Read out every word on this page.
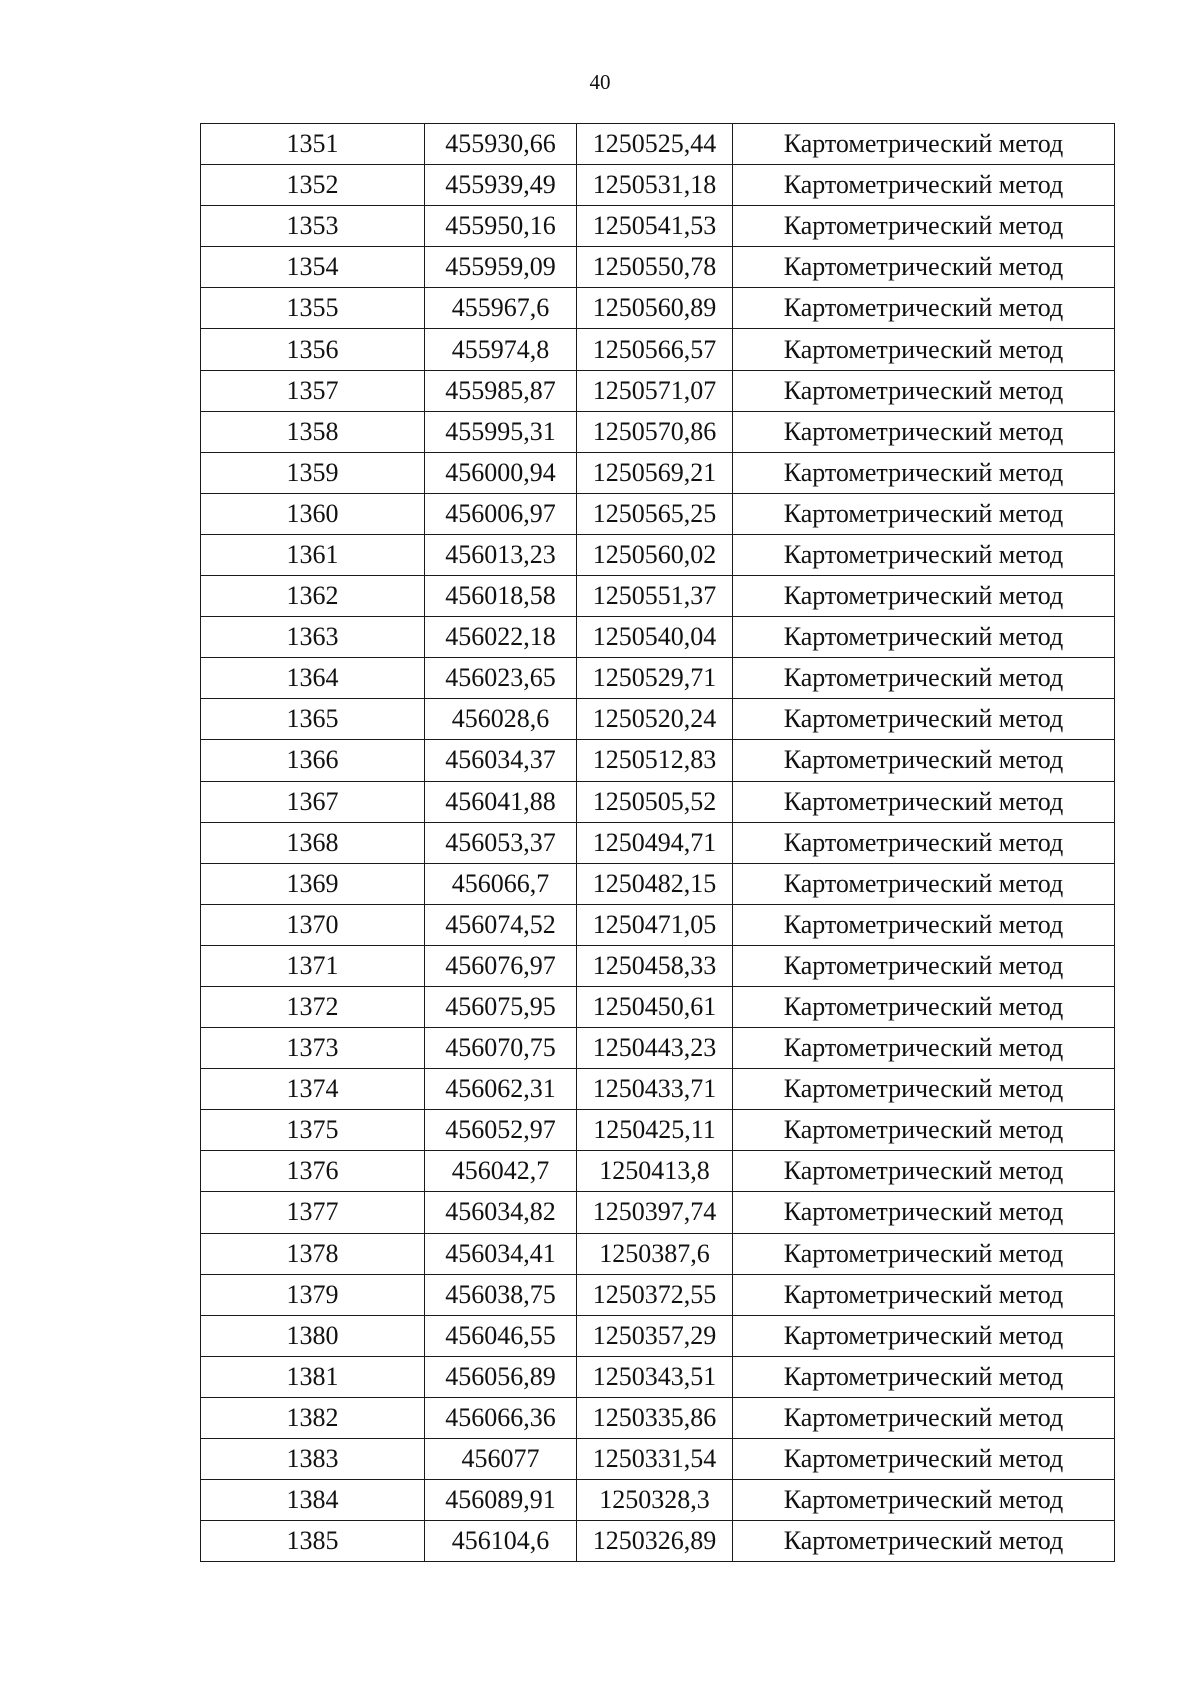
40
1351	455930,66	1250525,44	Картометрический метод
1352	455939,49	1250531,18	Картометрический метод
1353	455950,16	1250541,53	Картометрический метод
1354	455959,09	1250550,78	Картометрический метод
1355	455967,6	1250560,89	Картометрический метод
1356	455974,8	1250566,57	Картометрический метод
1357	455985,87	1250571,07	Картометрический метод
1358	455995,31	1250570,86	Картометрический метод
1359	456000,94	1250569,21	Картометрический метод
1360	456006,97	1250565,25	Картометрический метод
1361	456013,23	1250560,02	Картометрический метод
1362	456018,58	1250551,37	Картометрический метод
1363	456022,18	1250540,04	Картометрический метод
1364	456023,65	1250529,71	Картометрический метод
1365	456028,6	1250520,24	Картометрический метод
1366	456034,37	1250512,83	Картометрический метод
1367	456041,88	1250505,52	Картометрический метод
1368	456053,37	1250494,71	Картометрический метод
1369	456066,7	1250482,15	Картометрический метод
1370	456074,52	1250471,05	Картометрический метод
1371	456076,97	1250458,33	Картометрический метод
1372	456075,95	1250450,61	Картометрический метод
1373	456070,75	1250443,23	Картометрический метод
1374	456062,31	1250433,71	Картометрический метод
1375	456052,97	1250425,11	Картометрический метод
1376	456042,7	1250413,8	Картометрический метод
1377	456034,82	1250397,74	Картометрический метод
1378	456034,41	1250387,6	Картометрический метод
1379	456038,75	1250372,55	Картометрический метод
1380	456046,55	1250357,29	Картометрический метод
1381	456056,89	1250343,51	Картометрический метод
1382	456066,36	1250335,86	Картометрический метод
1383	456077	1250331,54	Картометрический метод
1384	456089,91	1250328,3	Картометрический метод
1385	456104,6	1250326,89	Картометрический метод
